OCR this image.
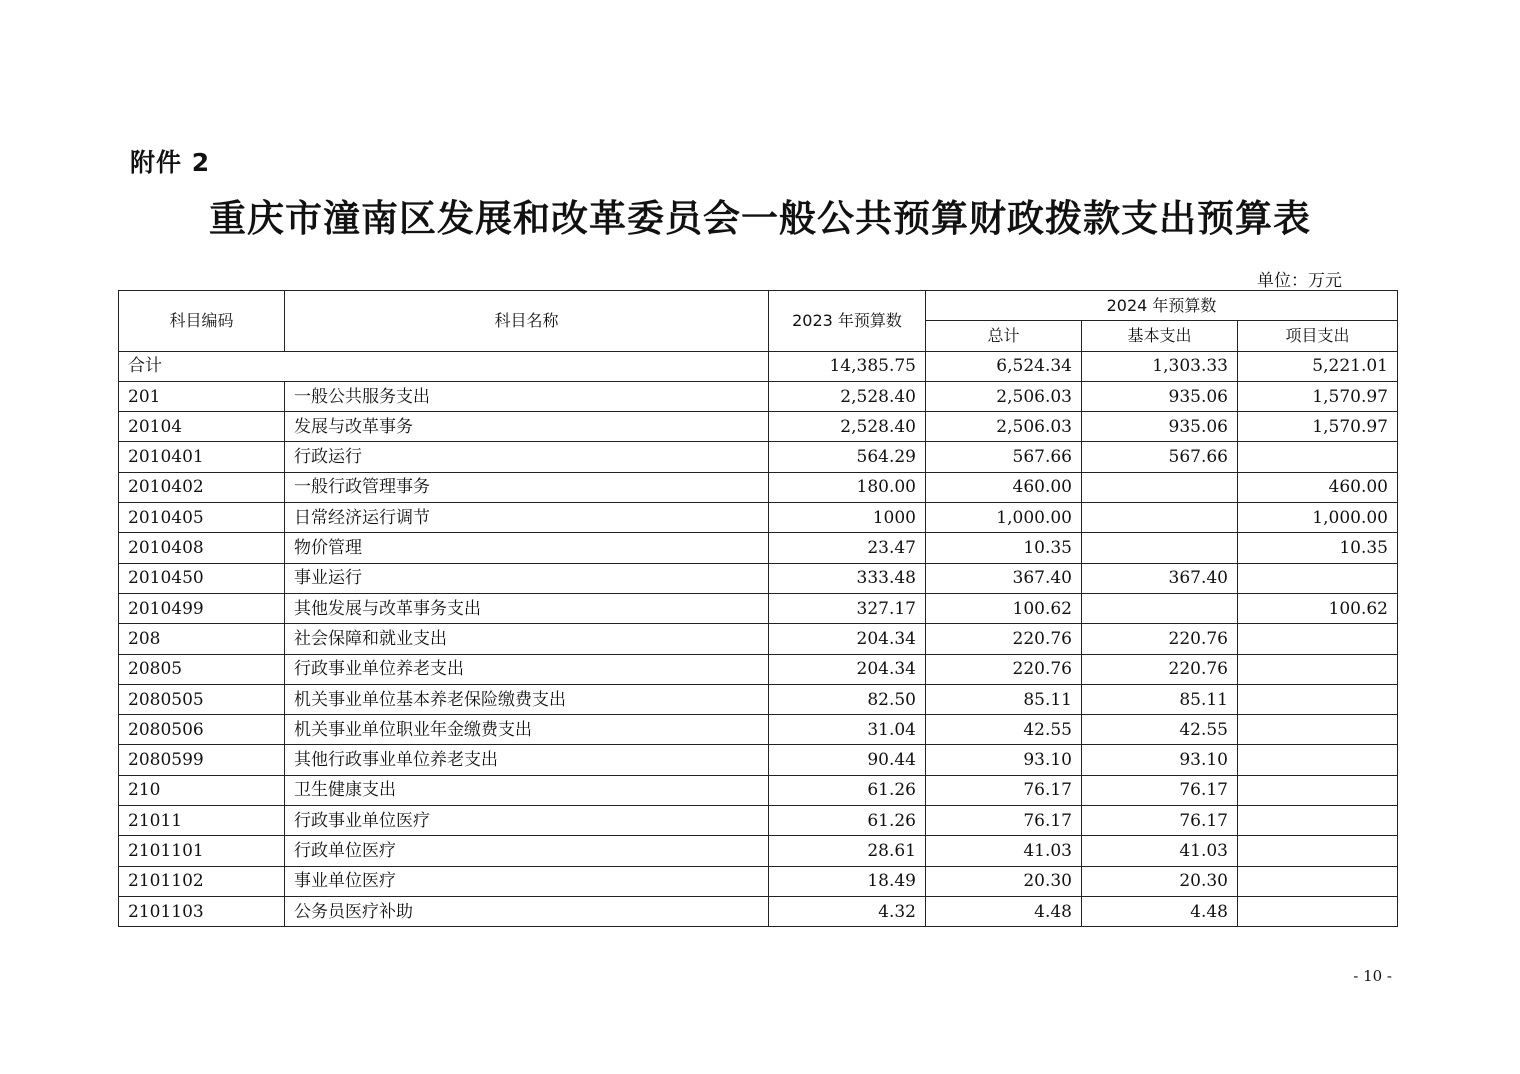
附件 2
重庆市潼南区发展和改革委员会一般公共预算财政拨款支出预算表
单位：万元
科目编码	科目名称	2023 年预算数	2024 年预算数		
			总计	基本支出	项目支出
合计		14,385.75	6,524.34	1,303.33	5,221.01
201	一般公共服务支出	2,528.40	2,506.03	935.06	1,570.97
20104	发展与改革事务	2,528.40	2,506.03	935.06	1,570.97
2010401	行政运行	564.29	567.66	567.66	
2010402	一般行政管理事务	180.00	460.00		460.00
2010405	日常经济运行调节	1000	1,000.00		1,000.00
2010408	物价管理	23.47	10.35		10.35
2010450	事业运行	333.48	367.40	367.40	
2010499	其他发展与改革事务支出	327.17	100.62		100.62
208	社会保障和就业支出	204.34	220.76	220.76	
20805	行政事业单位养老支出	204.34	220.76	220.76	
2080505	机关事业单位基本养老保险缴费支出	82.50	85.11	85.11	
2080506	机关事业单位职业年金缴费支出	31.04	42.55	42.55	
2080599	其他行政事业单位养老支出	90.44	93.10	93.10	
210	卫生健康支出	61.26	76.17	76.17	
21011	行政事业单位医疗	61.26	76.17	76.17	
2101101	行政单位医疗	28.61	41.03	41.03	
2101102	事业单位医疗	18.49	20.30	20.30	
2101103	公务员医疗补助	4.32	4.48	4.48	
- 10 -
